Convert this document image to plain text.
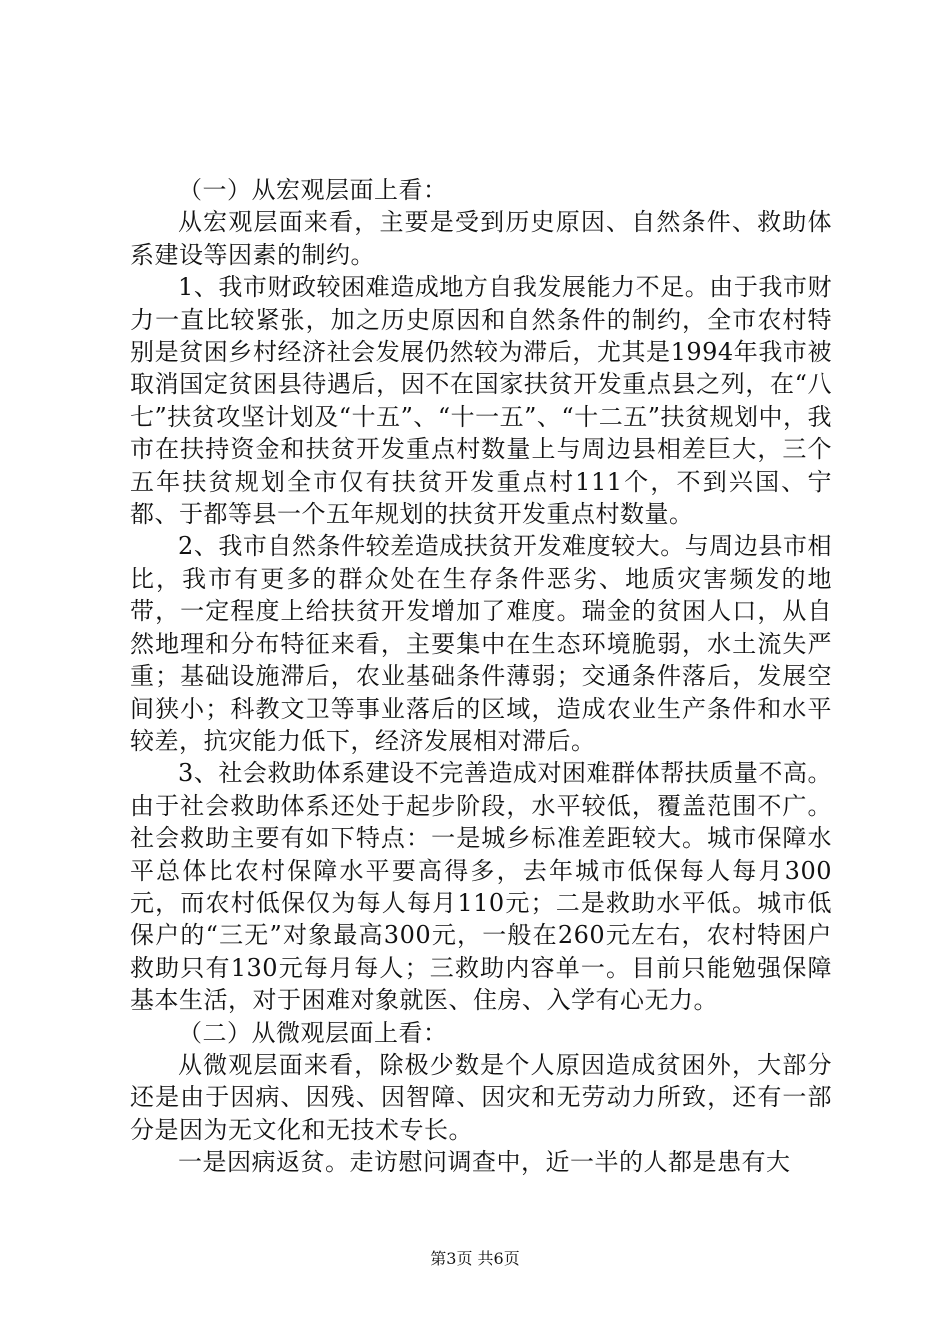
（一）从宏观层面上看：

从宏观层面来看，主要是受到历史原因、自然条件、救助体系建设等因素的制约。

1、我市财政较困难造成地方自我发展能力不足。由于我市财力一直比较紧张，加之历史原因和自然条件的制约，全市农村特别是贫困乡村经济社会发展仍然较为滞后，尤其是1994年我市被取消国定贫困县待遇后，因不在国家扶贫开发重点县之列，在“八七”扶贫攻坚计划及“十五”、“十一五”、“十二五”扶贫规划中，我市在扶持资金和扶贫开发重点村数量上与周边县相差巨大，三个五年扶贫规划全市仅有扶贫开发重点村111个，不到兴国、宁都、于都等县一个五年规划的扶贫开发重点村数量。

2、我市自然条件较差造成扶贫开发难度较大。与周边县市相比，我市有更多的群众处在生存条件恶劣、地质灾害频发的地带，一定程度上给扶贫开发增加了难度。瑞金的贫困人口，从自然地理和分布特征来看，主要集中在生态环境脆弱，水土流失严重；基础设施滞后，农业基础条件薄弱；交通条件落后，发展空间狭小；科教文卫等事业落后的区域，造成农业生产条件和水平较差，抗灾能力低下，经济发展相对滞后。

3、社会救助体系建设不完善造成对困难群体帮扶质量不高。由于社会救助体系还处于起步阶段，水平较低，覆盖范围不广。社会救助主要有如下特点：一是城乡标准差距较大。城市保障水平总体比农村保障水平要高得多，去年城市低保每人每月300元，而农村低保仅为每人每月110元；二是救助水平低。城市低保户的“三无”对象最高300元，一般在260元左右，农村特困户救助只有130元每月每人；三救助内容单一。目前只能勉强保障基本生活，对于困难对象就医、住房、入学有心无力。

（二）从微观层面上看：

从微观层面来看，除极少数是个人原因造成贫困外，大部分还是由于因病、因残、因智障、因灾和无劳动力所致，还有一部分是因为无文化和无技术专长。

一是因病返贫。走访慰问调查中，近一半的人都是患有大

第3页 共6页
